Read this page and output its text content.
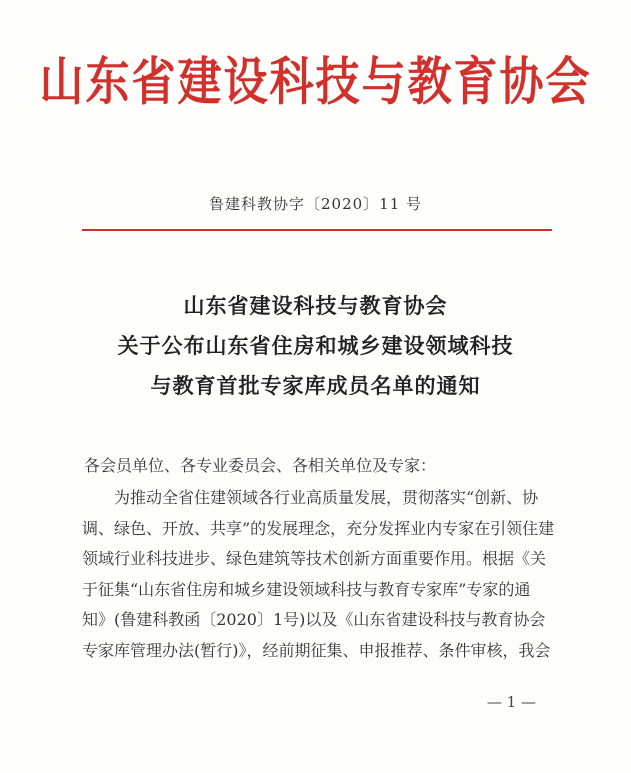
山东省建设科技与教育协会
鲁建科教协字〔2020〕11 号
山东省建设科技与教育协会
关于公布山东省住房和城乡建设领域科技
与教育首批专家库成员名单的通知
各会员单位、各专业委员会、各相关单位及专家：
为推动全省住建领域各行业高质量发展，贯彻落实“创新、协
调、绿色、开放、共享”的发展理念，充分发挥业内专家在引领住建
领域行业科技进步、绿色建筑等技术创新方面重要作用。根据《关
于征集“山东省住房和城乡建设领域科技与教育专家库”专家的通
知》(鲁建科教函〔2020〕1号)以及《山东省建设科技与教育协会
专家库管理办法(暂行)》，经前期征集、申报推荐、条件审核，我会
— 1 —
